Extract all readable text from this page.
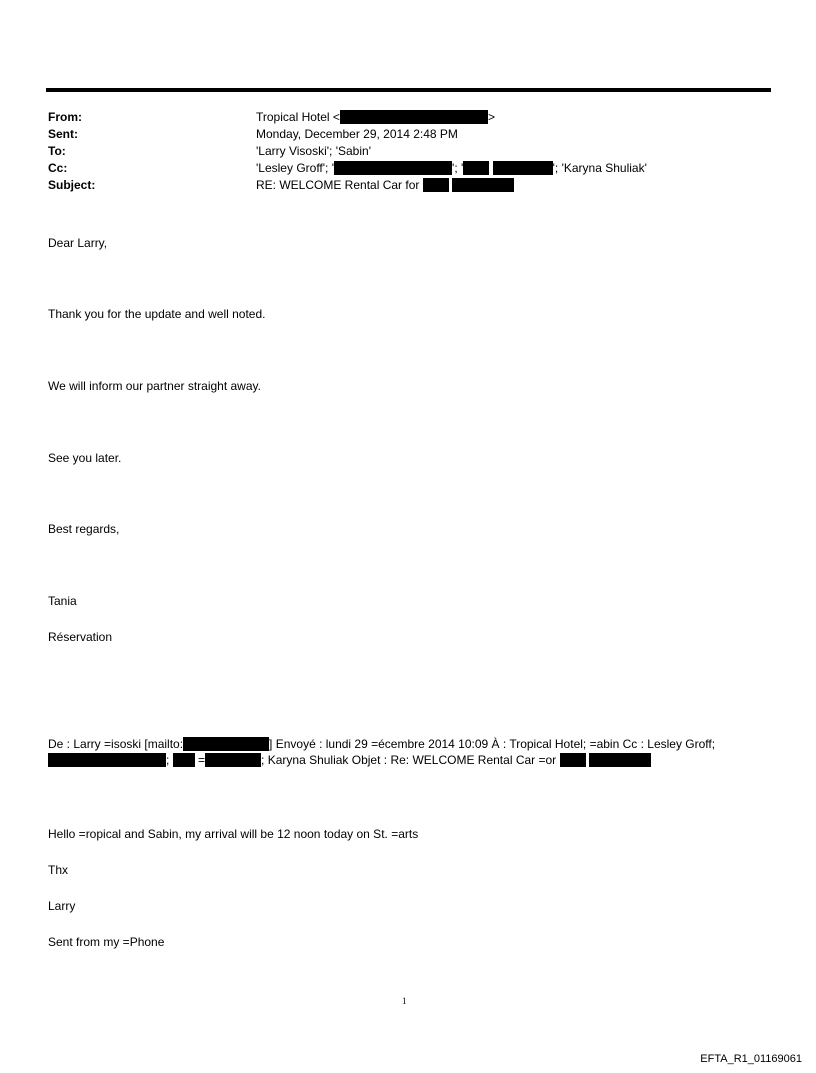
From:	Tropical Hotel <	>
Sent:	Monday, December 29, 2014 2:48 PM
To:	'Larry Visoski'; 'Sabin'
Cc:	'Lesley Groff'; '	'; '	'; 'Karyna Shuliak'
Subject:	RE: WELCOME Rental Car for
Dear Larry,
Thank you for the update and well noted.
We will inform our partner straight away.
See you later.
Best regards,
Tania
Réservation
De : Larry =isoski [mailto:	] Envoyé : lundi 29 =écembre 2014 10:09 À : Tropical Hotel; =abin Cc : Lesley Groff; ; =	; Karyna Shuliak Objet : Re: WELCOME Rental Car =or
Hello =ropical and Sabin, my arrival will be 12 noon today on St. =arts
Thx
Larry
Sent from my =Phone
1
EFTA_R1_01169061
